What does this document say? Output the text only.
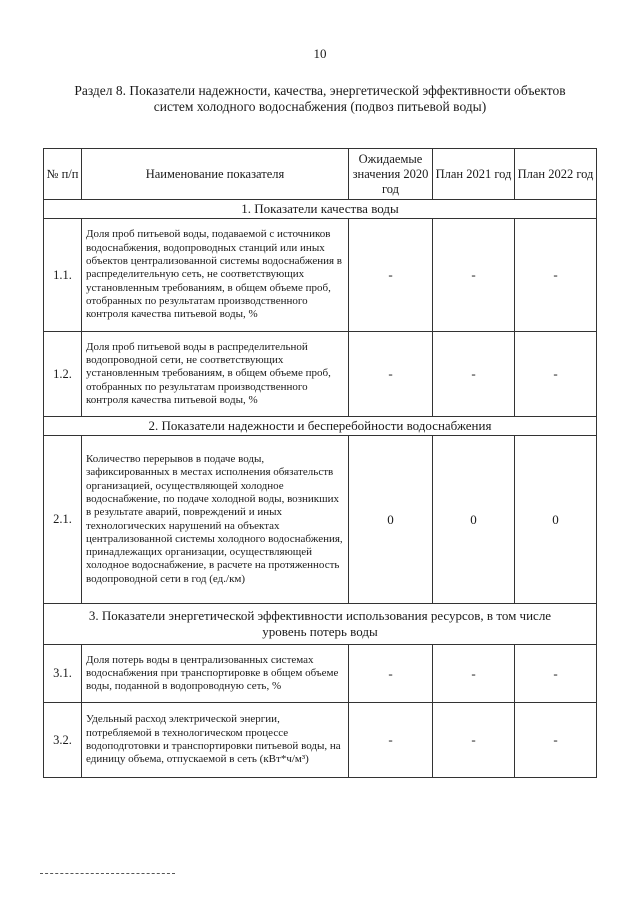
10
Раздел 8. Показатели надежности, качества, энергетической эффективности объектов систем холодного водоснабжения (подвоз питьевой воды)
№ п/п	Наименование показателя	Ожидаемые значения 2020 год	План 2021 год	План 2022 год
1. Показатели качества воды				
1.1.	Доля проб питьевой воды, подаваемой с источников водоснабжения, водопроводных станций или иных объектов централизованной системы водоснабжения в распределительную сеть, не соответствующих установленным требованиям, в общем объеме проб, отобранных по результатам производственного контроля качества питьевой воды, %	-	-	-
1.2.	Доля проб питьевой воды в распределительной водопроводной сети, не соответствующих установленным требованиям, в общем объеме проб, отобранных по результатам производственного контроля качества питьевой воды, %	-	-	-
2. Показатели надежности и бесперебойности водоснабжения				
2.1.	Количество перерывов в подаче воды, зафиксированных в местах исполнения обязательств организацией, осуществляющей холодное водоснабжение, по подаче холодной воды, возникших в результате аварий, повреждений и иных технологических нарушений на объектах централизованной системы холодного водоснабжения, принадлежащих организации, осуществляющей холодное водоснабжение, в расчете на протяженность водопроводной сети в год (ед./км)	0	0	0
3. Показатели энергетической эффективности использования ресурсов, в том числе уровень потерь воды				
3.1.	Доля потерь воды в централизованных системах водоснабжения при транспортировке в общем объеме воды, поданной в водопроводную сеть, %	-	-	-
3.2.	Удельный расход электрической энергии, потребляемой в технологическом процессе водоподготовки и транспортировки питьевой воды, на единицу объема, отпускаемой в сеть (кВт*ч/м³)	-	-	-
